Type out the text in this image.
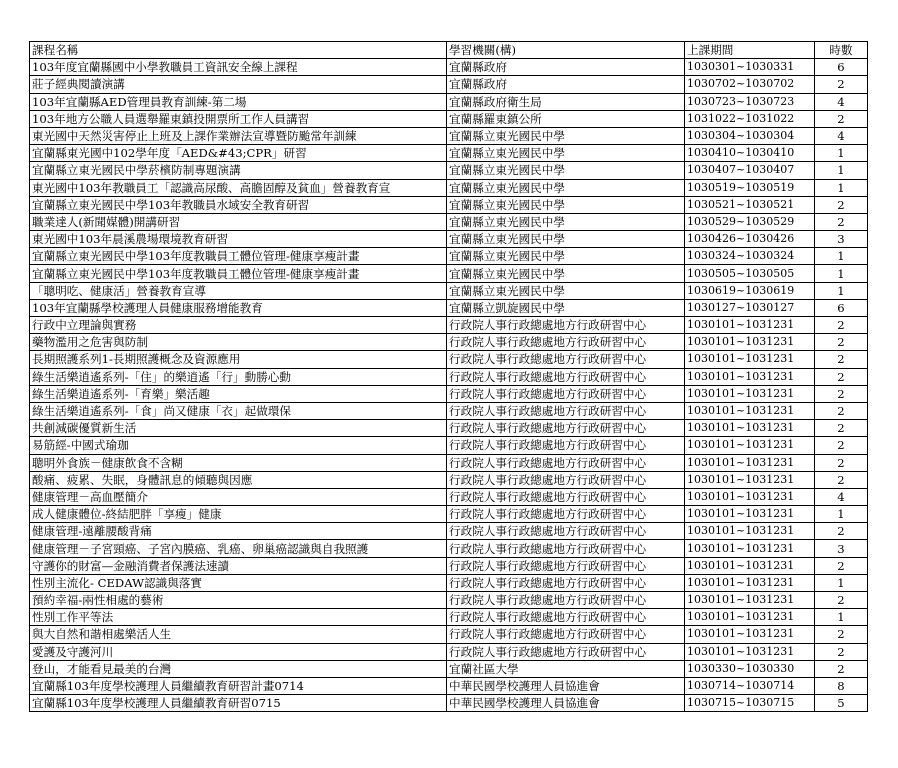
課程名稱	學習機關(構)	上課期間	時數
103年度宜蘭縣國中小學教職員工資訊安全線上課程	宜蘭縣政府	1030301~1030331	6
莊子經典閱讀演講	宜蘭縣政府	1030702~1030702	2
103年宜蘭縣AED管理員教育訓練-第二場	宜蘭縣政府衛生局	1030723~1030723	4
103年地方公職人員選舉羅東鎮投開票所工作人員講習	宜蘭縣羅東鎮公所	1031022~1031022	2
東光國中天然災害停止上班及上課作業辦法宣導暨防颱常年訓練	宜蘭縣立東光國民中學	1030304~1030304	4
宜蘭縣東光國中102學年度「AED&#43;CPR」研習	宜蘭縣立東光國民中學	1030410~1030410	1
宜蘭縣立東光國民中學菸檳防制專題演講	宜蘭縣立東光國民中學	1030407~1030407	1
東光國中103年教職員工「認識高尿酸、高膽固醇及貧血」營養教育宣	宜蘭縣立東光國民中學	1030519~1030519	1
宜蘭縣立東光國民中學103年教職員水域安全教育研習	宜蘭縣立東光國民中學	1030521~1030521	2
職業達人(新聞媒體)開講研習	宜蘭縣立東光國民中學	1030529~1030529	2
東光國中103年晨溪農場環境教育研習	宜蘭縣立東光國民中學	1030426~1030426	3
宜蘭縣立東光國民中學103年度教職員工體位管理-健康享瘦計畫	宜蘭縣立東光國民中學	1030324~1030324	1
宜蘭縣立東光國民中學103年度教職員工體位管理-健康享瘦計畫	宜蘭縣立東光國民中學	1030505~1030505	1
「聰明吃、健康活」營養教育宣導	宜蘭縣立東光國民中學	1030619~1030619	1
103年宜蘭縣學校護理人員健康服務增能教育	宜蘭縣立凱旋國民中學	1030127~1030127	6
行政中立理論與實務	行政院人事行政總處地方行政研習中心	1030101~1031231	2
藥物濫用之危害與防制	行政院人事行政總處地方行政研習中心	1030101~1031231	2
長期照護系列1-長期照護概念及資源應用	行政院人事行政總處地方行政研習中心	1030101~1031231	2
綠生活樂逍遙系列-「住」的樂逍遙「行」動勝心動	行政院人事行政總處地方行政研習中心	1030101~1031231	2
綠生活樂逍遙系列-「育樂」樂活趣	行政院人事行政總處地方行政研習中心	1030101~1031231	2
綠生活樂逍遙系列-「食」尚又健康「衣」起做環保	行政院人事行政總處地方行政研習中心	1030101~1031231	2
共創減碳優質新生活	行政院人事行政總處地方行政研習中心	1030101~1031231	2
易筋經-中國式瑜珈	行政院人事行政總處地方行政研習中心	1030101~1031231	2
聰明外食族－健康飲食不含糊	行政院人事行政總處地方行政研習中心	1030101~1031231	2
酸痛、疲累、失眠，身體訊息的傾聽與因應	行政院人事行政總處地方行政研習中心	1030101~1031231	2
健康管理－高血壓簡介	行政院人事行政總處地方行政研習中心	1030101~1031231	4
成人健康體位-終結肥胖「享瘦」健康	行政院人事行政總處地方行政研習中心	1030101~1031231	1
健康管理-遠離腰酸背痛	行政院人事行政總處地方行政研習中心	1030101~1031231	2
健康管理－子宮頸癌、子宮內膜癌、乳癌、卵巢癌認識與自我照護	行政院人事行政總處地方行政研習中心	1030101~1031231	3
守護你的財富—金融消費者保護法速讀	行政院人事行政總處地方行政研習中心	1030101~1031231	2
性別主流化- CEDAW認識與落實	行政院人事行政總處地方行政研習中心	1030101~1031231	1
預約幸福-兩性相處的藝術	行政院人事行政總處地方行政研習中心	1030101~1031231	2
性別工作平等法	行政院人事行政總處地方行政研習中心	1030101~1031231	1
與大自然和諧相處樂活人生	行政院人事行政總處地方行政研習中心	1030101~1031231	2
愛護及守護河川	行政院人事行政總處地方行政研習中心	1030101~1031231	2
登山，才能看見最美的台灣	宜蘭社區大學	1030330~1030330	2
宜蘭縣103年度學校護理人員繼續教育研習計畫0714	中華民國學校護理人員協進會	1030714~1030714	8
宜蘭縣103年度學校護理人員繼續教育研習0715	中華民國學校護理人員協進會	1030715~1030715	5
